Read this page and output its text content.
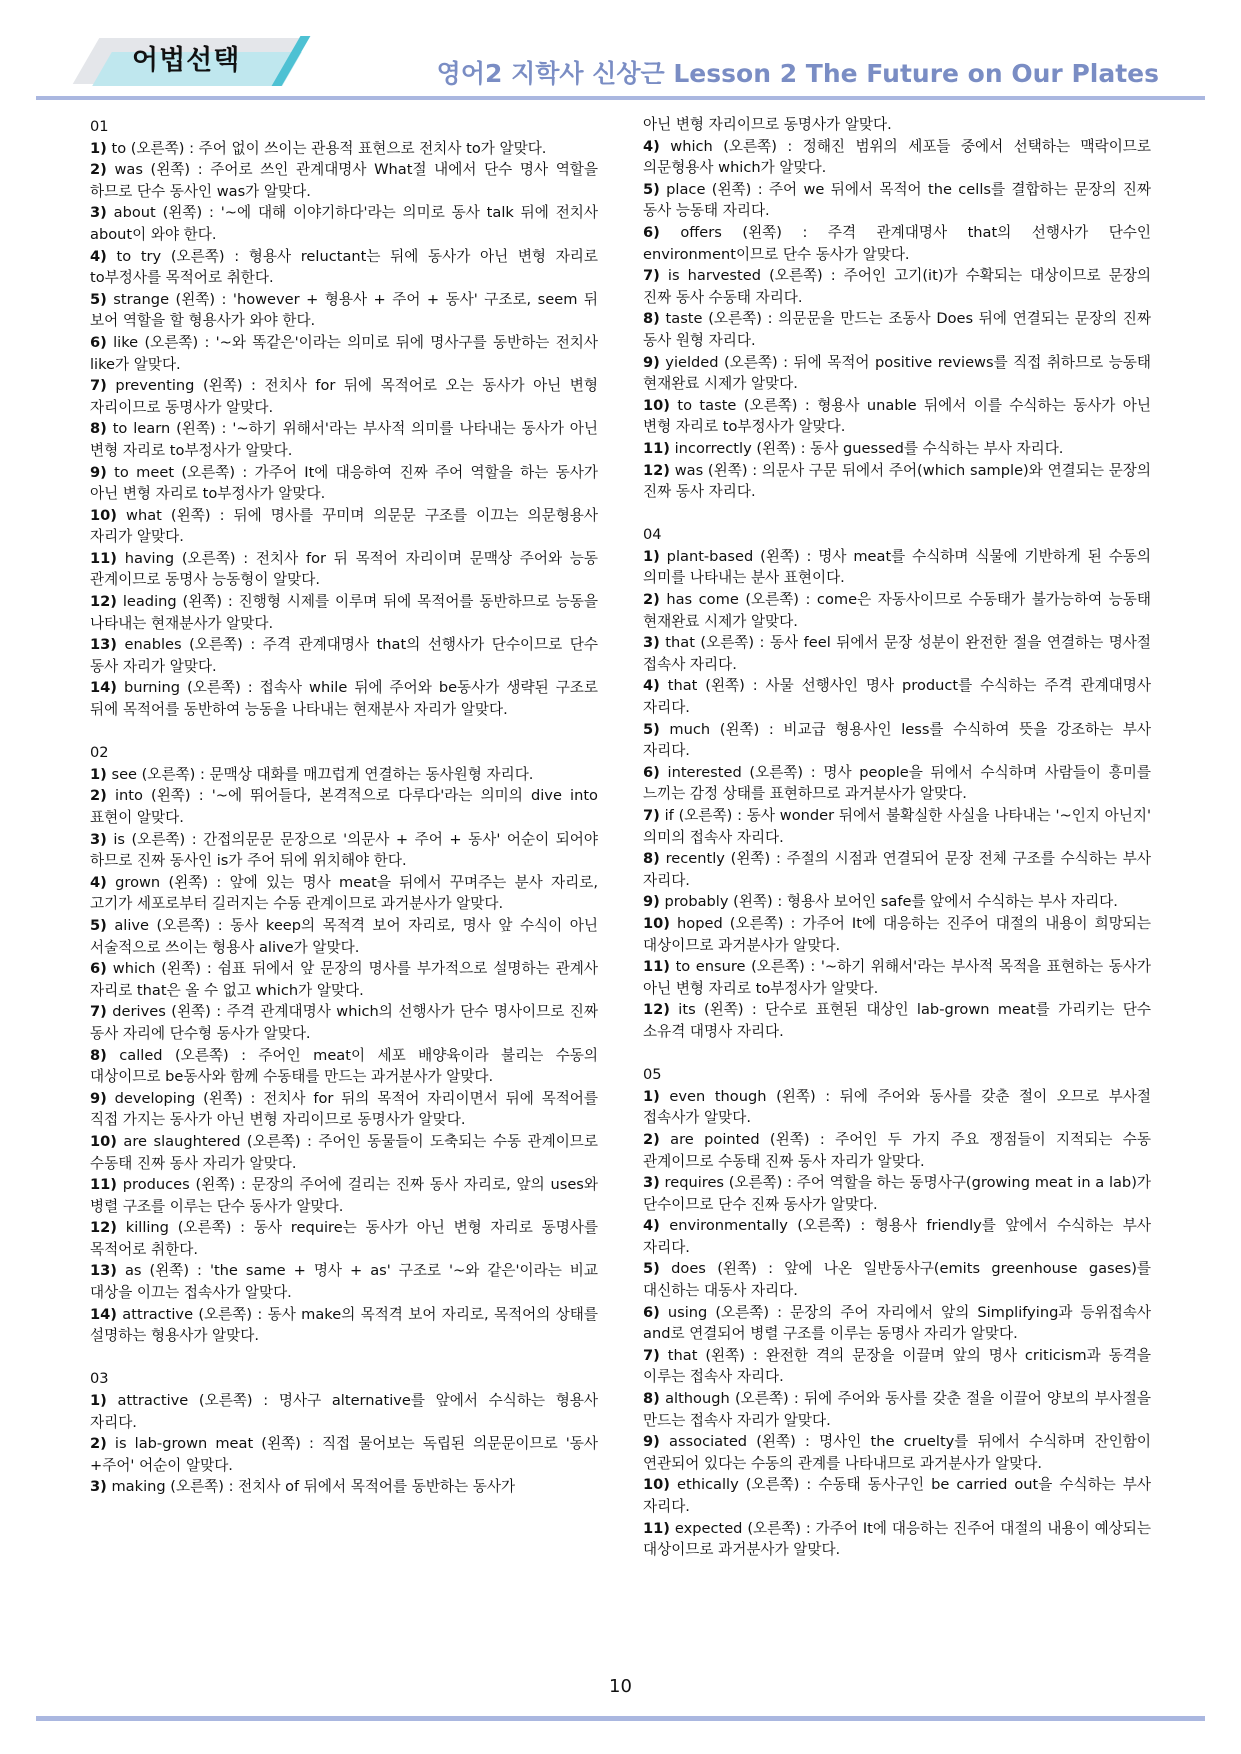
어법선택	영어2 지학사 신상근 Lesson 2 The Future on Our Plates

01

1) to (오른쪽) : 주어 없이 쓰이는 관용적 표현으로 전치사 to가 알맞다.

2) was (왼쪽) : 주어로 쓰인 관계대명사 What절 내에서 단수 명사 역할을 하므로 단수 동사인 was가 알맞다.

3) about (왼쪽) : '~에 대해 이야기하다'라는 의미로 동사 talk 뒤에 전치사 about이 와야 한다.

4) to try (오른쪽) : 형용사 reluctant는 뒤에 동사가 아닌 변형 자리로 to부정사를 목적어로 취한다.

5) strange (왼쪽) : 'however + 형용사 + 주어 + 동사' 구조로, seem 뒤 보어 역할을 할 형용사가 와야 한다.

6) like (오른쪽) : '~와 똑같은'이라는 의미로 뒤에 명사구를 동반하는 전치사 like가 알맞다.

7) preventing (왼쪽) : 전치사 for 뒤에 목적어로 오는 동사가 아닌 변형 자리이므로 동명사가 알맞다.

8) to learn (왼쪽) : '~하기 위해서'라는 부사적 의미를 나타내는 동사가 아닌 변형 자리로 to부정사가 알맞다.

9) to meet (오른쪽) : 가주어 It에 대응하여 진짜 주어 역할을 하는 동사가 아닌 변형 자리로 to부정사가 알맞다.

10) what (왼쪽) : 뒤에 명사를 꾸미며 의문문 구조를 이끄는 의문형용사 자리가 알맞다.

11) having (오른쪽) : 전치사 for 뒤 목적어 자리이며 문맥상 주어와 능동 관계이므로 동명사 능동형이 알맞다.

12) leading (왼쪽) : 진행형 시제를 이루며 뒤에 목적어를 동반하므로 능동을 나타내는 현재분사가 알맞다.

13) enables (오른쪽) : 주격 관계대명사 that의 선행사가 단수이므로 단수 동사 자리가 알맞다.

14) burning (오른쪽) : 접속사 while 뒤에 주어와 be동사가 생략된 구조로 뒤에 목적어를 동반하여 능동을 나타내는 현재분사 자리가 알맞다.

02

1) see (오른쪽) : 문맥상 대화를 매끄럽게 연결하는 동사원형 자리다.

2) into (왼쪽) : '~에 뛰어들다, 본격적으로 다루다'라는 의미의 dive into 표현이 알맞다.

3) is (오른쪽) : 간접의문문 문장으로 '의문사 + 주어 + 동사' 어순이 되어야 하므로 진짜 동사인 is가 주어 뒤에 위치해야 한다.

4) grown (왼쪽) : 앞에 있는 명사 meat을 뒤에서 꾸며주는 분사 자리로, 고기가 세포로부터 길러지는 수동 관계이므로 과거분사가 알맞다.

5) alive (오른쪽) : 동사 keep의 목적격 보어 자리로, 명사 앞 수식이 아닌 서술적으로 쓰이는 형용사 alive가 알맞다.

6) which (왼쪽) : 쉼표 뒤에서 앞 문장의 명사를 부가적으로 설명하는 관계사 자리로 that은 올 수 없고 which가 알맞다.

7) derives (왼쪽) : 주격 관계대명사 which의 선행사가 단수 명사이므로 진짜 동사 자리에 단수형 동사가 알맞다.

8) called (오른쪽) : 주어인 meat이 세포 배양육이라 불리는 수동의 대상이므로 be동사와 함께 수동태를 만드는 과거분사가 알맞다.

9) developing (왼쪽) : 전치사 for 뒤의 목적어 자리이면서 뒤에 목적어를 직접 가지는 동사가 아닌 변형 자리이므로 동명사가 알맞다.

10) are slaughtered (오른쪽) : 주어인 동물들이 도축되는 수동 관계이므로 수동태 진짜 동사 자리가 알맞다.

11) produces (왼쪽) : 문장의 주어에 걸리는 진짜 동사 자리로, 앞의 uses와 병렬 구조를 이루는 단수 동사가 알맞다.

12) killing (오른쪽) : 동사 require는 동사가 아닌 변형 자리로 동명사를 목적어로 취한다.

13) as (왼쪽) : 'the same + 명사 + as' 구조로 '~와 같은'이라는 비교 대상을 이끄는 접속사가 알맞다.

14) attractive (오른쪽) : 동사 make의 목적격 보어 자리로, 목적어의 상태를 설명하는 형용사가 알맞다.

03

1) attractive (오른쪽) : 명사구 alternative를 앞에서 수식하는 형용사 자리다.

2) is lab-grown meat (왼쪽) : 직접 물어보는 독립된 의문문이므로 '동사+주어' 어순이 알맞다.

3) making (오른쪽) : 전치사 of 뒤에서 목적어를 동반하는 동사가

아닌 변형 자리이므로 동명사가 알맞다.

4) which (오른쪽) : 정해진 범위의 세포들 중에서 선택하는 맥락이므로 의문형용사 which가 알맞다.

5) place (왼쪽) : 주어 we 뒤에서 목적어 the cells를 결합하는 문장의 진짜 동사 능동태 자리다.

6) offers (왼쪽) : 주격 관계대명사 that의 선행사가 단수인 environment이므로 단수 동사가 알맞다.

7) is harvested (오른쪽) : 주어인 고기(it)가 수확되는 대상이므로 문장의 진짜 동사 수동태 자리다.

8) taste (오른쪽) : 의문문을 만드는 조동사 Does 뒤에 연결되는 문장의 진짜 동사 원형 자리다.

9) yielded (오른쪽) : 뒤에 목적어 positive reviews를 직접 취하므로 능동태 현재완료 시제가 알맞다.

10) to taste (오른쪽) : 형용사 unable 뒤에서 이를 수식하는 동사가 아닌 변형 자리로 to부정사가 알맞다.

11) incorrectly (왼쪽) : 동사 guessed를 수식하는 부사 자리다.

12) was (왼쪽) : 의문사 구문 뒤에서 주어(which sample)와 연결되는 문장의 진짜 동사 자리다.

04

1) plant-based (왼쪽) : 명사 meat를 수식하며 식물에 기반하게 된 수동의 의미를 나타내는 분사 표현이다.

2) has come (오른쪽) : come은 자동사이므로 수동태가 불가능하여 능동태 현재완료 시제가 알맞다.

3) that (오른쪽) : 동사 feel 뒤에서 문장 성분이 완전한 절을 연결하는 명사절 접속사 자리다.

4) that (왼쪽) : 사물 선행사인 명사 product를 수식하는 주격 관계대명사 자리다.

5) much (왼쪽) : 비교급 형용사인 less를 수식하여 뜻을 강조하는 부사 자리다.

6) interested (오른쪽) : 명사 people을 뒤에서 수식하며 사람들이 흥미를 느끼는 감정 상태를 표현하므로 과거분사가 알맞다.

7) if (오른쪽) : 동사 wonder 뒤에서 불확실한 사실을 나타내는 '~인지 아닌지' 의미의 접속사 자리다.

8) recently (왼쪽) : 주절의 시점과 연결되어 문장 전체 구조를 수식하는 부사 자리다.

9) probably (왼쪽) : 형용사 보어인 safe를 앞에서 수식하는 부사 자리다.

10) hoped (오른쪽) : 가주어 It에 대응하는 진주어 대절의 내용이 희망되는 대상이므로 과거분사가 알맞다.

11) to ensure (오른쪽) : '~하기 위해서'라는 부사적 목적을 표현하는 동사가 아닌 변형 자리로 to부정사가 알맞다.

12) its (왼쪽) : 단수로 표현된 대상인 lab-grown meat를 가리키는 단수 소유격 대명사 자리다.

05

1) even though (왼쪽) : 뒤에 주어와 동사를 갖춘 절이 오므로 부사절 접속사가 알맞다.

2) are pointed (왼쪽) : 주어인 두 가지 주요 쟁점들이 지적되는 수동 관계이므로 수동태 진짜 동사 자리가 알맞다.

3) requires (오른쪽) : 주어 역할을 하는 동명사구(growing meat in a lab)가 단수이므로 단수 진짜 동사가 알맞다.

4) environmentally (오른쪽) : 형용사 friendly를 앞에서 수식하는 부사 자리다.

5) does (왼쪽) : 앞에 나온 일반동사구(emits greenhouse gases)를 대신하는 대동사 자리다.

6) using (오른쪽) : 문장의 주어 자리에서 앞의 Simplifying과 등위접속사 and로 연결되어 병렬 구조를 이루는 동명사 자리가 알맞다.

7) that (왼쪽) : 완전한 격의 문장을 이끌며 앞의 명사 criticism과 동격을 이루는 접속사 자리다.

8) although (오른쪽) : 뒤에 주어와 동사를 갖춘 절을 이끌어 양보의 부사절을 만드는 접속사 자리가 알맞다.

9) associated (왼쪽) : 명사인 the cruelty를 뒤에서 수식하며 잔인함이 연관되어 있다는 수동의 관계를 나타내므로 과거분사가 알맞다.

10) ethically (오른쪽) : 수동태 동사구인 be carried out을 수식하는 부사 자리다.

11) expected (오른쪽) : 가주어 It에 대응하는 진주어 대절의 내용이 예상되는 대상이므로 과거분사가 알맞다.

10
